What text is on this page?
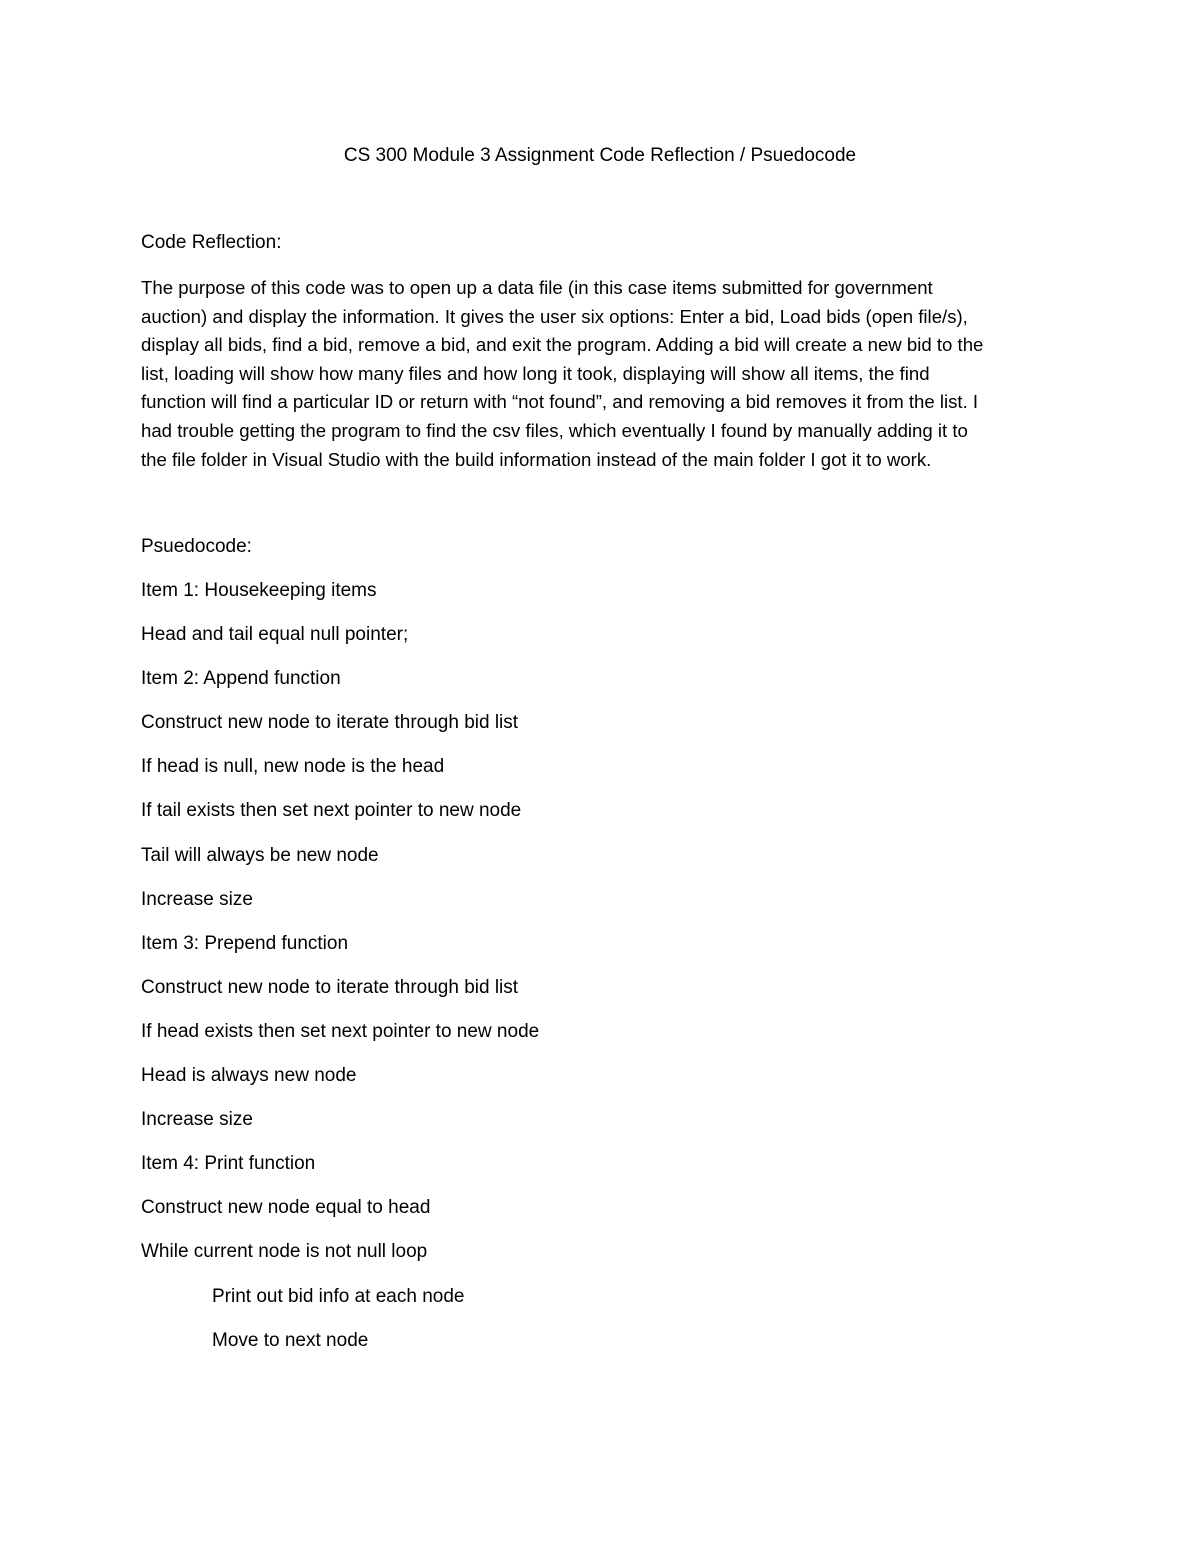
CS 300 Module 3 Assignment Code Reflection / Psuedocode
Code Reflection:
The purpose of this code was to open up a data file (in this case items submitted for government
auction) and display the information. It gives the user six options: Enter a bid, Load bids (open file/s),
display all bids, find a bid, remove a bid, and exit the program. Adding a bid will create a new bid to the
list, loading will show how many files and how long it took, displaying will show all items, the find
function will find a particular ID or return with “not found”, and removing a bid removes it from the list. I
had trouble getting the program to find the csv files, which eventually I found by manually adding it to
the file folder in Visual Studio with the build information instead of the main folder I got it to work.
Psuedocode:
Item 1: Housekeeping items
Head and tail equal null pointer;
Item 2: Append function
Construct new node to iterate through bid list
If head is null, new node is the head
If tail exists then set next pointer to new node
Tail will always be new node
Increase size
Item 3: Prepend function
Construct new node to iterate through bid list
If head exists then set next pointer to new node
Head is always new node
Increase size
Item 4: Print function
Construct new node equal to head
While current node is not null loop
Print out bid info at each node
Move to next node
